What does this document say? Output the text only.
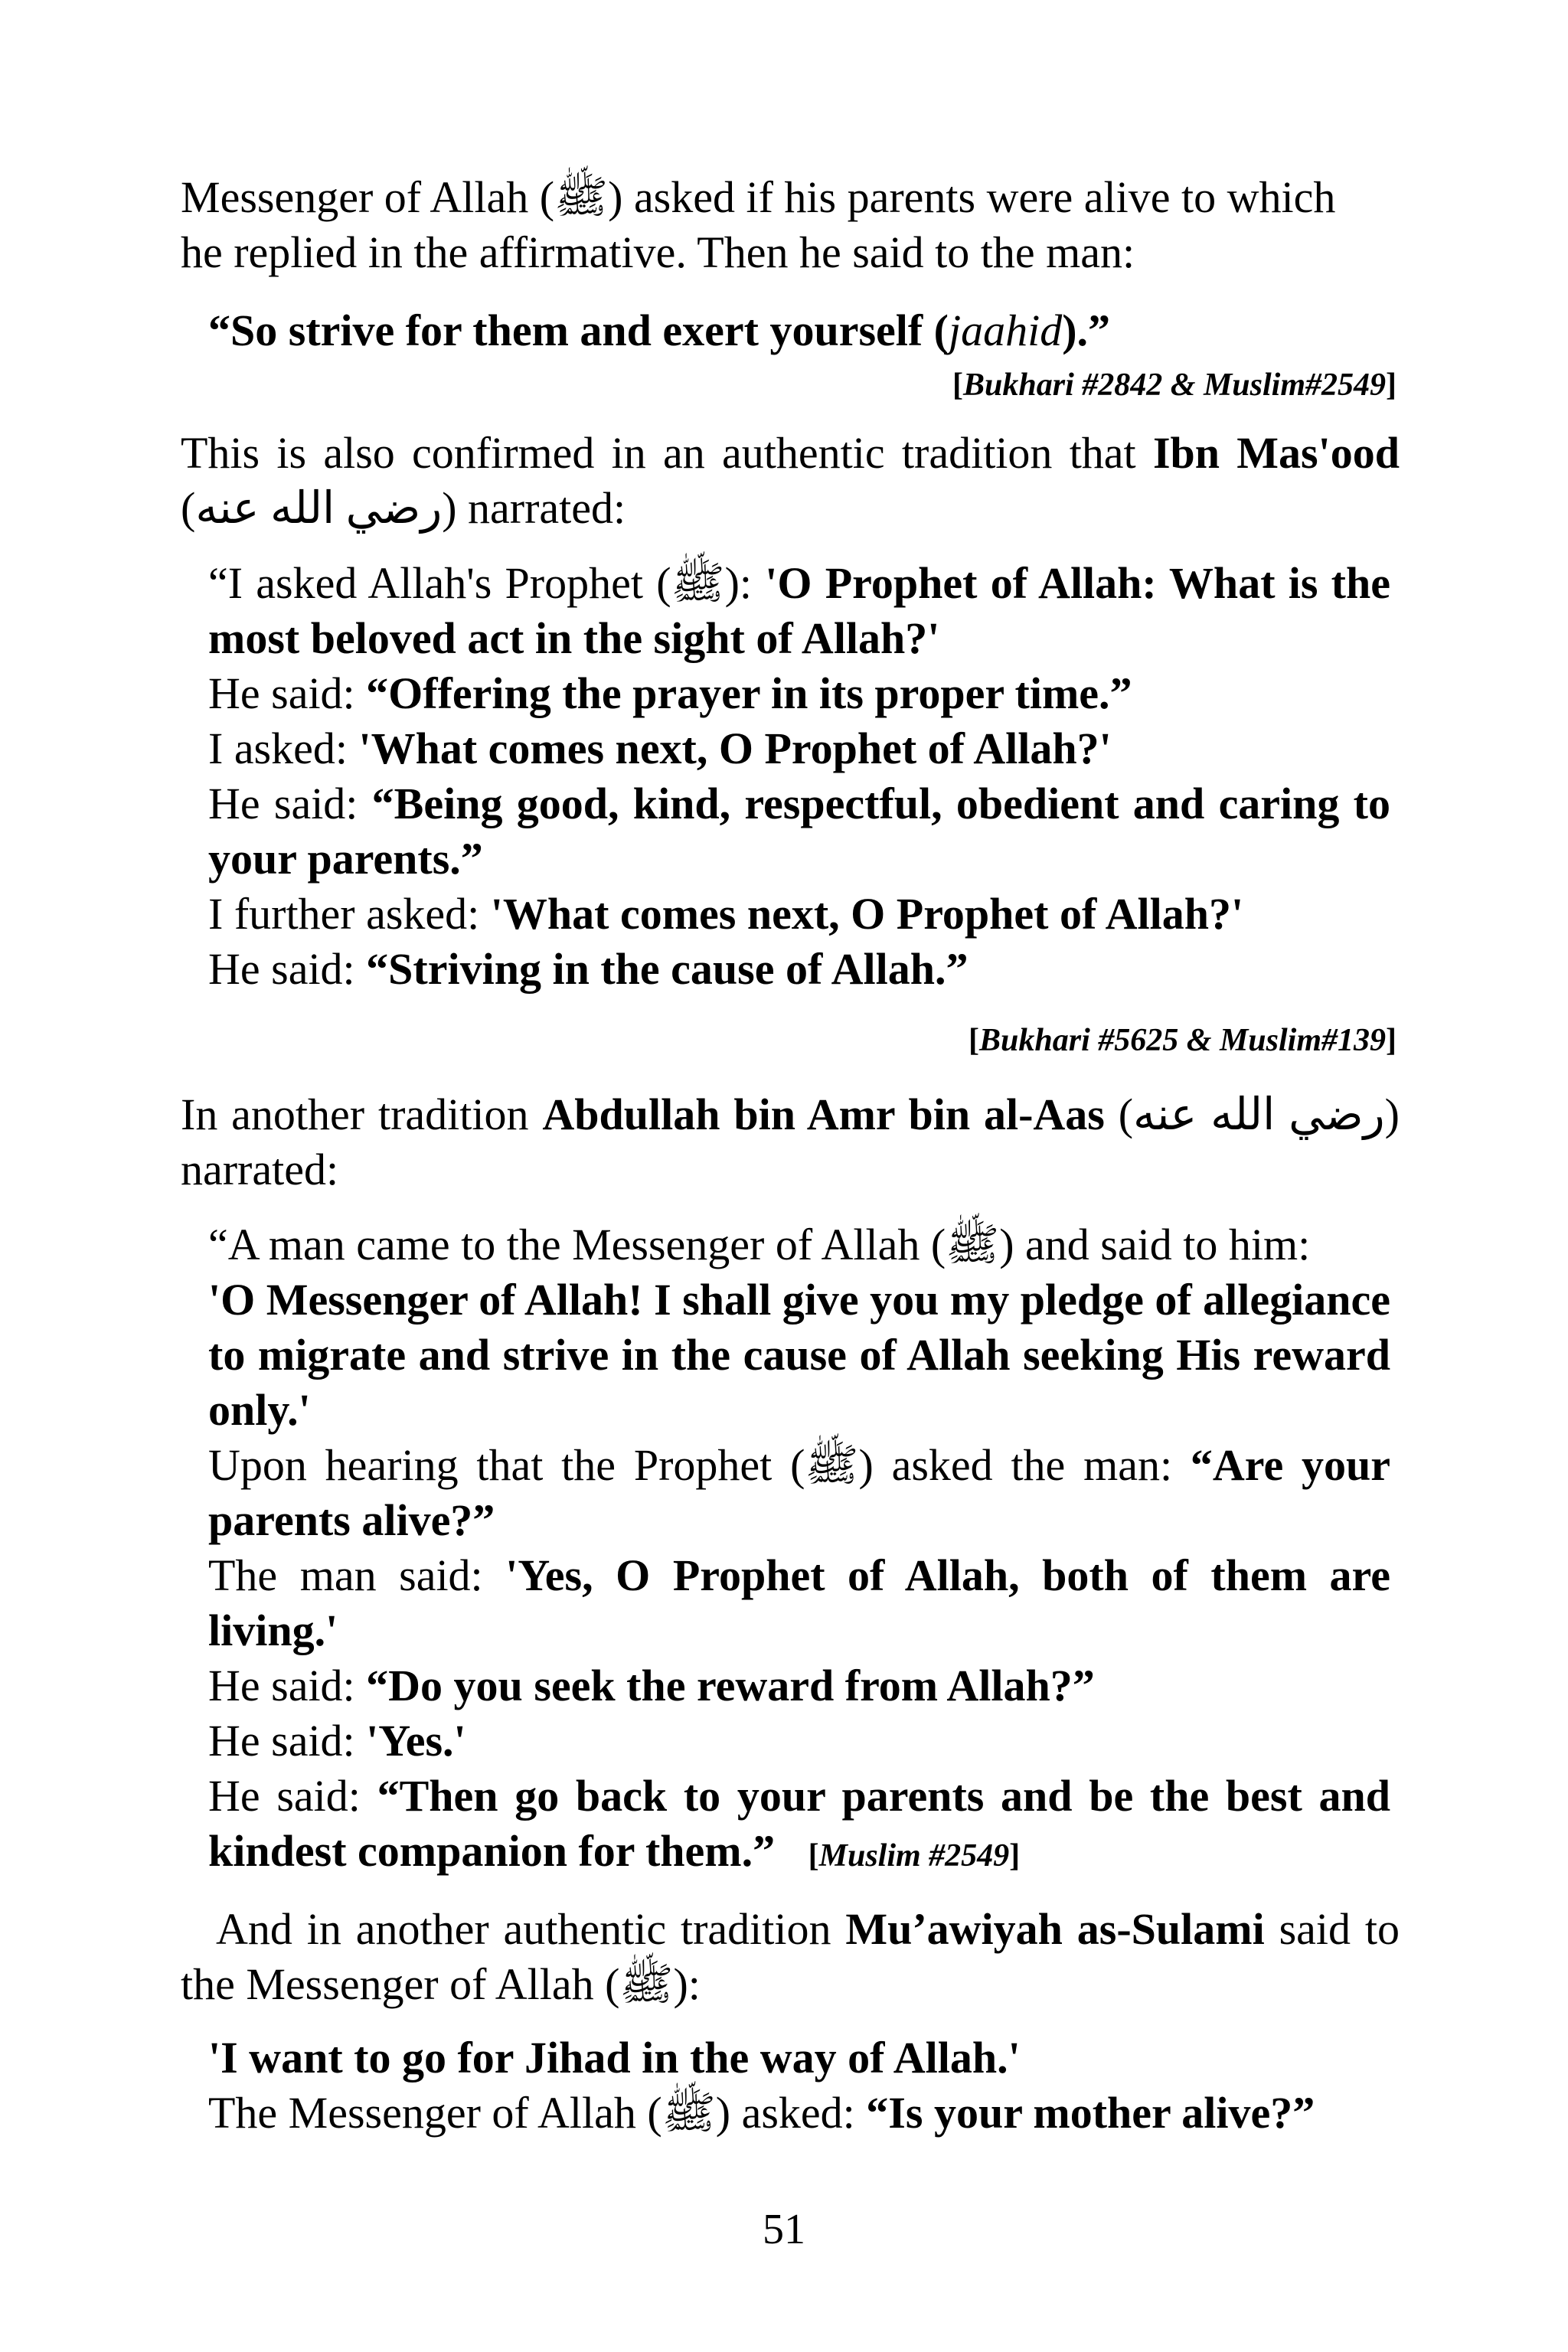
Messenger of Allah (ﷺ) asked if his parents were alive to which
he replied in the affirmative. Then he said to the man:
“So strive for them and exert yourself (jaahid).”
[Bukhari #2842 & Muslim#2549]
This is also confirmed in an authentic tradition that Ibn Mas'ood (رضي الله عنه) narrated:
“I asked Allah's Prophet (ﷺ): 'O Prophet of Allah: What is the most beloved act in the sight of Allah?'
He said: “Offering the prayer in its proper time.”
I asked: 'What comes next, O Prophet of Allah?'
He said: “Being good, kind, respectful, obedient and caring to your parents.”
I further asked: 'What comes next, O Prophet of Allah?'
He said: “Striving in the cause of Allah.”
[Bukhari #5625 & Muslim#139]
In another tradition Abdullah bin Amr bin al-Aas (رضي الله عنه) narrated:
“A man came to the Messenger of Allah (ﷺ) and said to him:
'O Messenger of Allah! I shall give you my pledge of allegiance to migrate and strive in the cause of Allah seeking His reward only.'
Upon hearing that the Prophet (ﷺ) asked the man: “Are your parents alive?”
The man said: 'Yes, O Prophet of Allah, both of them are living.'
He said: “Do you seek the reward from Allah?”
He said: 'Yes.'
He said: “Then go back to your parents and be the best and kindest companion for them.” [Muslim #2549]
And in another authentic tradition Mu’awiyah as-Sulami said to the Messenger of Allah (ﷺ):
'I want to go for Jihad in the way of Allah.'
The Messenger of Allah (ﷺ) asked: “Is your mother alive?”
51
